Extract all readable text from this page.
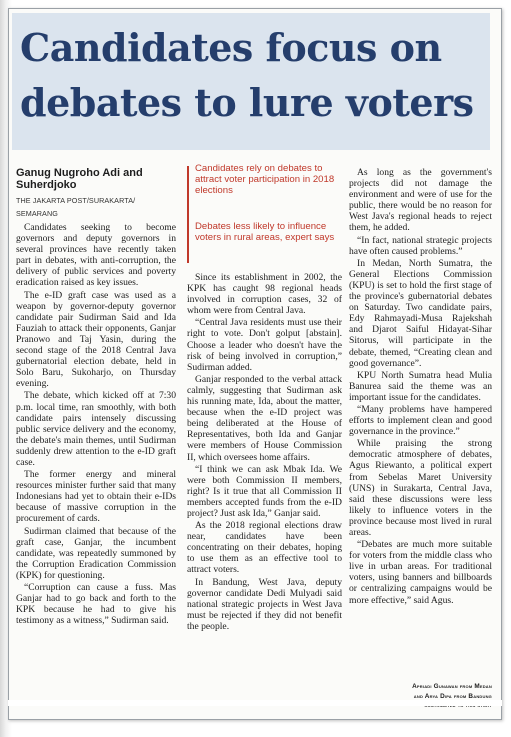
Candidates focus on debates to lure voters
Ganug Nugroho Adi and Suherdjoko
THE JAKARTA POST/SURAKARTA/ SEMARANG
Candidates rely on debates to attract voter participation in 2018 elections
Debates less likely to influence voters in rural areas, expert says

Candidates seeking to become governors and deputy governors in several provinces have recently taken part in debates, with anti-corruption, the delivery of public services and poverty eradication raised as key issues.

The e-ID graft case was used as a weapon by governor-deputy governor candidate pair Sudirman Said and Ida Fauziah to attack their opponents, Ganjar Pranowo and Taj Yasin, during the second stage of the 2018 Central Java gubernatorial election debate, held in Solo Baru, Sukoharjo, on Thursday evening.

The debate, which kicked off at 7:30 p.m. local time, ran smoothly, with both candidate pairs intensely discussing public service delivery and the economy, the debate's main themes, until Sudirman suddenly drew attention to the e-ID graft case.

The former energy and mineral resources minister further said that many Indonesians had yet to obtain their e-IDs because of massive corruption in the procurement of cards.

Sudirman claimed that because of the graft case, Ganjar, the incumbent candidate, was repeatedly summoned by the Corruption Eradication Commission (KPK) for questioning.

“Corruption can cause a fuss. Mas Ganjar had to go back and forth to the KPK because he had to give his testimony as a witness,” Sudirman said.

Since its establishment in 2002, the KPK has caught 98 regional heads involved in corruption cases, 32 of whom were from Central Java.

“Central Java residents must use their right to vote. Don't golput [abstain]. Choose a leader who doesn't have the risk of being involved in corruption,” Sudirman added.

Ganjar responded to the verbal attack calmly, suggesting that Sudirman ask his running mate, Ida, about the matter, because when the e-ID project was being deliberated at the House of Representatives, both Ida and Ganjar were members of House Commission II, which oversees home affairs.

“I think we can ask Mbak Ida. We were both Commission II members, right? Is it true that all Commission II members accepted funds from the e-ID project? Just ask Ida,” Ganjar said.

As the 2018 regional elections draw near, candidates have been concentrating on their debates, hoping to use them as an effective tool to attract voters.

In Bandung, West Java, deputy governor candidate Dedi Mulyadi said national strategic projects in West Java must be rejected if they did not benefit the people.

As long as the government's projects did not damage the environment and were of use for the public, there would be no reason for West Java's regional heads to reject them, he added.

“In fact, national strategic projects have often caused problems.”

In Medan, North Sumatra, the General Elections Commission (KPU) is set to hold the first stage of the province's gubernatorial debates on Saturday. Two candidate pairs, Edy Rahmayadi-Musa Rajekshah and Djarot Saiful Hidayat-Sihar Sitorus, will participate in the debate, themed, “Creating clean and good governance”.

KPU North Sumatra head Mulia Banurea said the theme was an important issue for the candidates.

“Many problems have hampered efforts to implement clean and good governance in the province.”

While praising the strong democratic atmosphere of debates, Agus Riewanto, a political expert from Sebelas Maret University (UNS) in Surakarta, Central Java, said these discussions were less likely to influence voters in the province because most lived in rural areas.

“Debates are much more suitable for voters from the middle class who live in urban areas. For traditional voters, using banners and billboards or centralizing campaigns would be more effective,” said Agus.

Apriadi Gunawan from Medan
and Arya Dipa from Bandung
